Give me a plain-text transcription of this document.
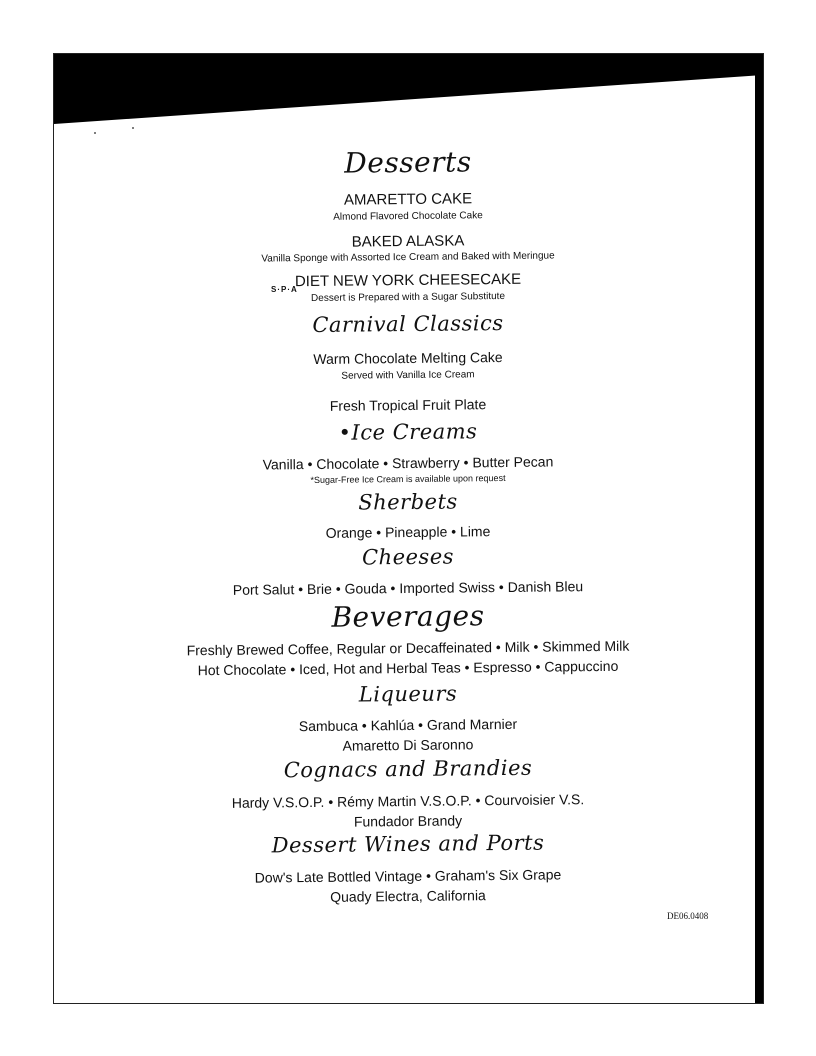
Desserts
AMARETTO CAKE
Almond Flavored Chocolate Cake
BAKED ALASKA
Vanilla Sponge with Assorted Ice Cream and Baked with Meringue
S·P·A
DIET NEW YORK CHEESECAKE
Dessert is Prepared with a Sugar Substitute
Carnival Classics
Warm Chocolate Melting Cake
Served with Vanilla Ice Cream
Fresh Tropical Fruit Plate
•Ice Creams
Vanilla • Chocolate • Strawberry • Butter Pecan
*Sugar-Free Ice Cream is available upon request
Sherbets
Orange • Pineapple • Lime
Cheeses
Port Salut • Brie • Gouda • Imported Swiss • Danish Bleu
Beverages
Freshly Brewed Coffee, Regular or Decaffeinated • Milk • Skimmed Milk
Hot Chocolate • Iced, Hot and Herbal Teas • Espresso • Cappuccino
Liqueurs
Sambuca • Kahlúa • Grand Marnier
Amaretto Di Saronno
Cognacs and Brandies
Hardy V.S.O.P. • Rémy Martin V.S.O.P. • Courvoisier V.S.
Fundador Brandy
Dessert Wines and Ports
Dow's Late Bottled Vintage • Graham's Six Grape
Quady Electra, California
DE06.0408
